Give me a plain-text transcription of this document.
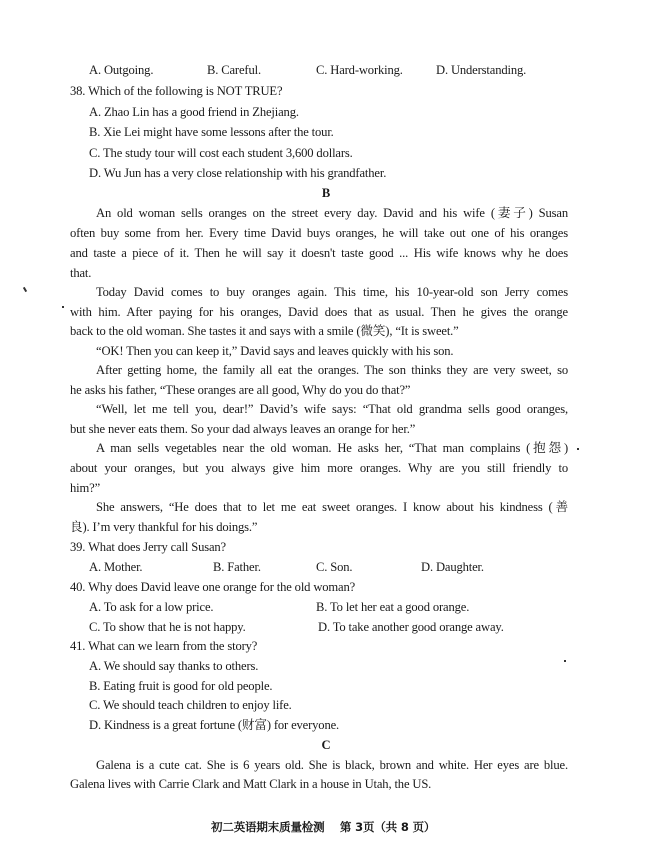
A. Outgoing.	B. Careful.	C. Hard-working.	D. Understanding.
38. Which of the following is NOT TRUE?
A. Zhao Lin has a good friend in Zhejiang.
B. Xie Lei might have some lessons after the tour.
C. The study tour will cost each student 3,600 dollars.
D. Wu Jun has a very close relationship with his grandfather.
B
An old woman sells oranges on the street every day. David and his wife (妻子) Susan
often buy some from her. Every time David buys oranges, he will take out one of his oranges
and taste a piece of it. Then he will say it doesn't taste good ... His wife knows why he does
that.
Today David comes to buy oranges again. This time, his 10-year-old son Jerry comes
with him. After paying for his oranges, David does that as usual. Then he gives the orange
back to the old woman. She tastes it and says with a smile (微笑), “It is sweet.”
“OK! Then you can keep it,” David says and leaves quickly with his son.
After getting home, the family all eat the oranges. The son thinks they are very sweet, so
he asks his father, “These oranges are all good, Why do you do that?”
“Well, let me tell you, dear!” David’s wife says: “That old grandma sells good oranges,
but she never eats them. So your dad always leaves an orange for her.”
A man sells vegetables near the old woman. He asks her, “That man complains (抱怨)
about your oranges, but you always give him more oranges. Why are you still friendly to
him?”
She answers, “He does that to let me eat sweet oranges. I know about his kindness (善
良). I’m very thankful for his doings.”
39. What does Jerry call Susan?
A. Mother.	B. Father.	C. Son.	D. Daughter.
40. Why does David leave one orange for the old woman?
A. To ask for a low price.	B. To let her eat a good orange.
C. To show that he is not happy.	D. To take another good orange away.
41. What can we learn from the story?
A. We should say thanks to others.
B. Eating fruit is good for old people.
C. We should teach children to enjoy life.
D. Kindness is a great fortune (财富) for everyone.
C
Galena is a cute cat. She is 6 years old. She is black, brown and white. Her eyes are blue.
Galena lives with Carrie Clark and Matt Clark in a house in Utah, the US.
初二英语期末质量检测 第 3页（共 8 页）
